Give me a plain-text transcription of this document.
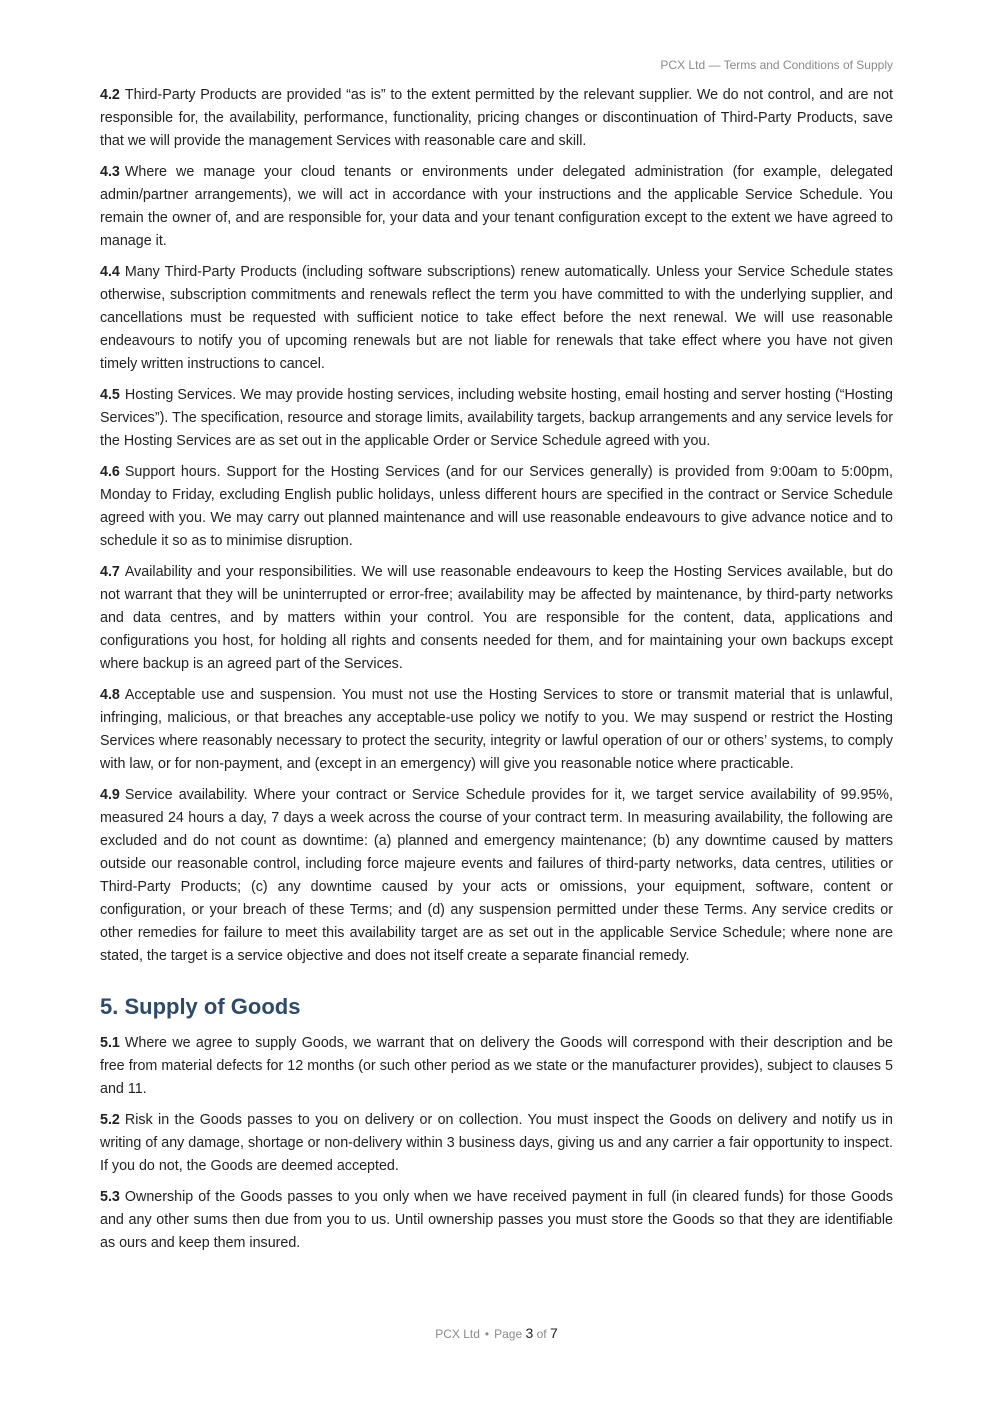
PCX Ltd — Terms and Conditions of Supply

4.2 Third-Party Products are provided “as is” to the extent permitted by the relevant supplier. We do not control, and are not responsible for, the availability, performance, functionality, pricing changes or discontinuation of Third-Party Products, save that we will provide the management Services with reasonable care and skill.

4.3 Where we manage your cloud tenants or environments under delegated administration (for example, delegated admin/partner arrangements), we will act in accordance with your instructions and the applicable Service Schedule. You remain the owner of, and are responsible for, your data and your tenant configuration except to the extent we have agreed to manage it.

4.4 Many Third-Party Products (including software subscriptions) renew automatically. Unless your Service Schedule states otherwise, subscription commitments and renewals reflect the term you have committed to with the underlying supplier, and cancellations must be requested with sufficient notice to take effect before the next renewal. We will use reasonable endeavours to notify you of upcoming renewals but are not liable for renewals that take effect where you have not given timely written instructions to cancel.

4.5 Hosting Services. We may provide hosting services, including website hosting, email hosting and server hosting (“Hosting Services”). The specification, resource and storage limits, availability targets, backup arrangements and any service levels for the Hosting Services are as set out in the applicable Order or Service Schedule agreed with you.

4.6 Support hours. Support for the Hosting Services (and for our Services generally) is provided from 9:00am to 5:00pm, Monday to Friday, excluding English public holidays, unless different hours are specified in the contract or Service Schedule agreed with you. We may carry out planned maintenance and will use reasonable endeavours to give advance notice and to schedule it so as to minimise disruption.

4.7 Availability and your responsibilities. We will use reasonable endeavours to keep the Hosting Services available, but do not warrant that they will be uninterrupted or error-free; availability may be affected by maintenance, by third-party networks and data centres, and by matters within your control. You are responsible for the content, data, applications and configurations you host, for holding all rights and consents needed for them, and for maintaining your own backups except where backup is an agreed part of the Services.

4.8 Acceptable use and suspension. You must not use the Hosting Services to store or transmit material that is unlawful, infringing, malicious, or that breaches any acceptable-use policy we notify to you. We may suspend or restrict the Hosting Services where reasonably necessary to protect the security, integrity or lawful operation of our or others’ systems, to comply with law, or for non-payment, and (except in an emergency) will give you reasonable notice where practicable.

4.9 Service availability. Where your contract or Service Schedule provides for it, we target service availability of 99.95%, measured 24 hours a day, 7 days a week across the course of your contract term. In measuring availability, the following are excluded and do not count as downtime: (a) planned and emergency maintenance; (b) any downtime caused by matters outside our reasonable control, including force majeure events and failures of third-party networks, data centres, utilities or Third-Party Products; (c) any downtime caused by your acts or omissions, your equipment, software, content or configuration, or your breach of these Terms; and (d) any suspension permitted under these Terms. Any service credits or other remedies for failure to meet this availability target are as set out in the applicable Service Schedule; where none are stated, the target is a service objective and does not itself create a separate financial remedy.

5. Supply of Goods

5.1 Where we agree to supply Goods, we warrant that on delivery the Goods will correspond with their description and be free from material defects for 12 months (or such other period as we state or the manufacturer provides), subject to clauses 5 and 11.

5.2 Risk in the Goods passes to you on delivery or on collection. You must inspect the Goods on delivery and notify us in writing of any damage, shortage or non-delivery within 3 business days, giving us and any carrier a fair opportunity to inspect. If you do not, the Goods are deemed accepted.

5.3 Ownership of the Goods passes to you only when we have received payment in full (in cleared funds) for those Goods and any other sums then due from you to us. Until ownership passes you must store the Goods so that they are identifiable as ours and keep them insured.

PCX Ltd • Page 3 of 7
